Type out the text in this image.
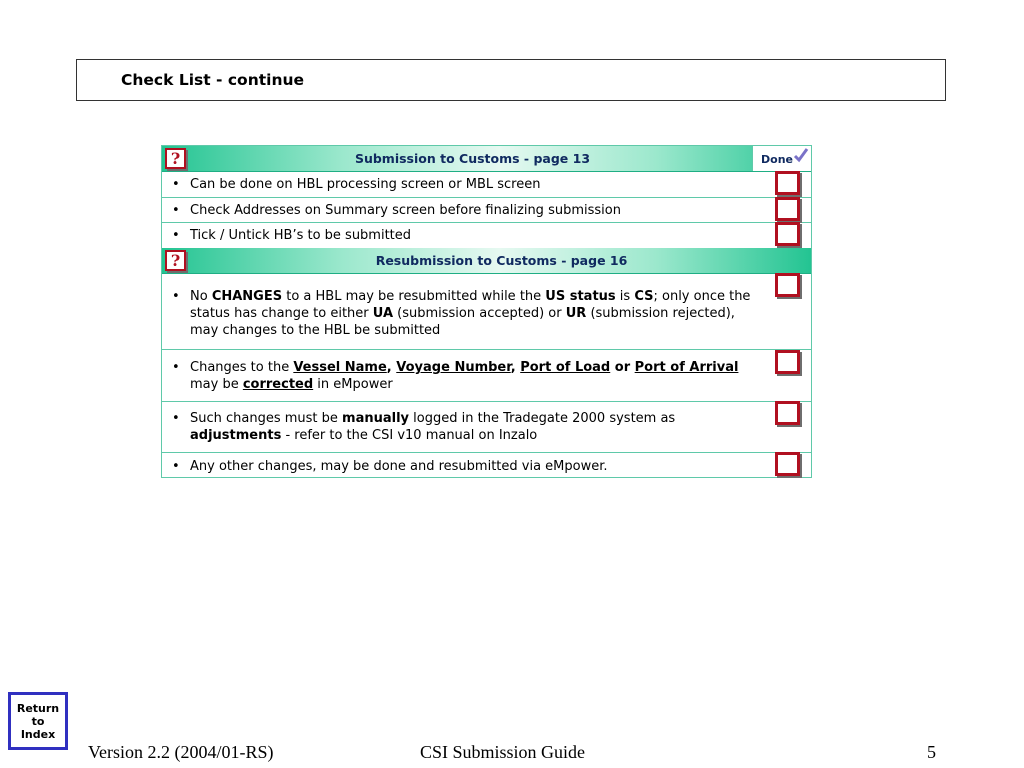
Check List - continue
?	Submission to Customs - page 13	Done
• Can be done on HBL processing screen or MBL screen
• Check Addresses on Summary screen before finalizing submission
• Tick / Untick HB’s to be submitted
?	Resubmission to Customs - page 16
• No CHANGES to a HBL may be resubmitted while the US status is CS; only once the status has change to either UA (submission accepted) or UR (submission rejected), may changes to the HBL be submitted
• Changes to the Vessel Name, Voyage Number, Port of Load or Port of Arrival may be corrected in eMpower
• Such changes must be manually logged in the Tradegate 2000 system as adjustments - refer to the CSI v10 manual on Inzalo
• Any other changes, may be done and resubmitted via eMpower.
Return to Index
Version 2.2 (2004/01-RS)	CSI Submission Guide	5
